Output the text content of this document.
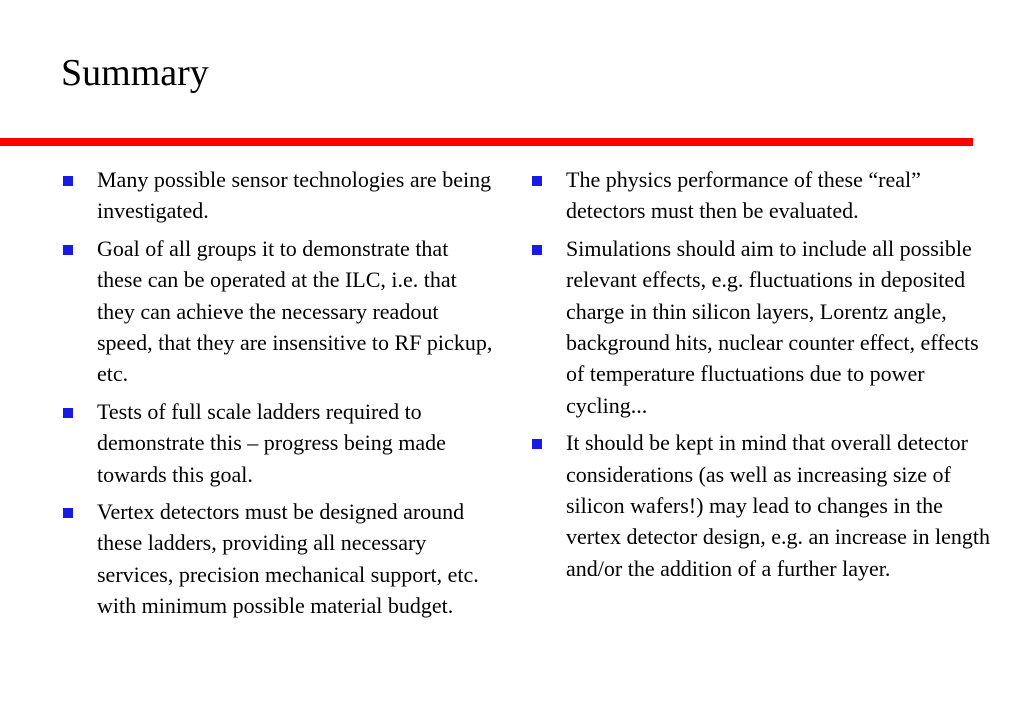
Summary
Many possible sensor technologies are being investigated.
Goal of all groups it to demonstrate that these can be operated at the ILC, i.e. that they can achieve the necessary readout speed, that they are insensitive to RF pickup, etc.
Tests of full scale ladders required to demonstrate this – progress being made towards this goal.
Vertex detectors must be designed around these ladders, providing all necessary services, precision mechanical support, etc. with minimum possible material budget.
The physics performance of these “real” detectors must then be evaluated.
Simulations should aim to include all possible relevant effects, e.g. fluctuations in deposited charge in thin silicon layers, Lorentz angle, background hits, nuclear counter effect, effects of temperature fluctuations due to power cycling...
It should be kept in mind that overall detector considerations (as well as increasing size of silicon wafers!) may lead to changes in the vertex detector design, e.g. an increase in length and/or the addition of a further layer.
